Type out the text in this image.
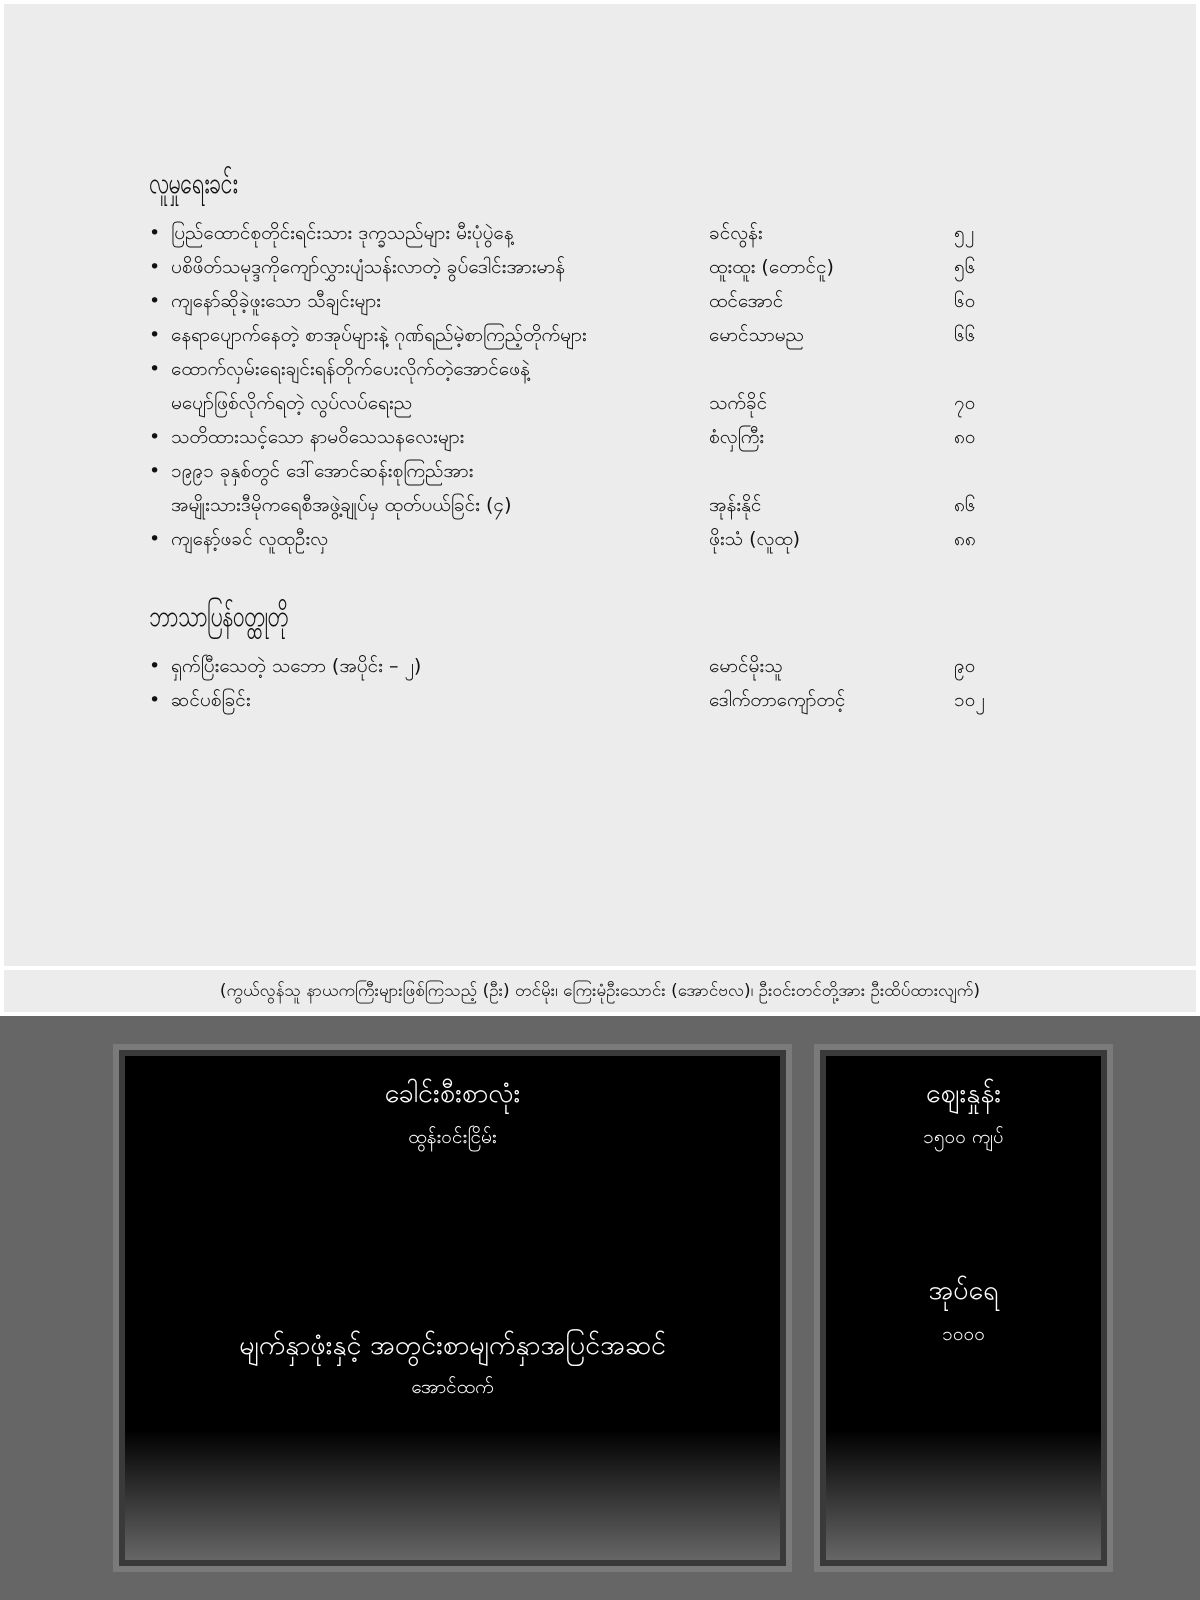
လူမှုရေးခင်း
• ပြည်ထောင်စုတိုင်းရင်းသား ဒုက္ခသည်များ မီးပုံပွဲနေ့	ခင်လွန်း	၅၂
• ပစိဖိတ်သမုဒ္ဒကိုကျော်လွှားပျံသန်းလာတဲ့ ခွပ်ဒေါင်းအားမာန်	ထူးထူး (တောင်ငူ)	၅၆
• ကျနော်ဆိုခဲ့ဖူးသော သီချင်းများ	ထင်အောင်	၆၀
• နေရာပျောက်နေတဲ့ စာအုပ်များနဲ့ ဂုဏ်ရည်မဲ့စာကြည့်တိုက်များ	မောင်သာမည	၆၆
• ထောက်လှမ်းရေးချင်းရန်တိုက်ပေးလိုက်တဲ့အောင်ဖေနဲ့
မပျော်ဖြစ်လိုက်ရတဲ့ လွပ်လပ်ရေးည	သက်ခိုင်	၇၀
• သတိထားသင့်သော နာမဝိသေသနလေးများ	စံလှကြီး	၈၀
• ၁၉၉၁ ခုနှစ်တွင် ဒေါ်အောင်ဆန်းစုကြည်အား
အမျိုးသားဒီမိုကရေစီအဖွဲ့ချုပ်မှ ထုတ်ပယ်ခြင်း (၄)	အုန်းနိုင်	၈၆
• ကျနော့်ဖခင် လူထုဦးလှ	ဖိုးသံ (လူထု)	၈၈
ဘာသာပြန်ဝတ္ထုတို
• ရှက်ပြီးသေတဲ့ သဘော (အပိုင်း – ၂)	မောင်မိုးသူ	၉၀
• ဆင်ပစ်ခြင်း	ဒေါက်တာကျော်တင့်	၁၀၂
(ကွယ်လွန်သူ နာယကကြီးများဖြစ်ကြသည့် (ဦး) တင်မိုး၊ ကြေးမုံဦးသောင်း (အောင်ဗလ)၊ ဦးဝင်းတင်တို့အား ဦးထိပ်ထားလျက်)
ခေါင်းစီးစာလုံး
ထွန်းဝင်းငြိမ်း
မျက်နှာဖုံးနှင့် အတွင်းစာမျက်နှာအပြင်အဆင်
အောင်ထက်
ဈေးနှုန်း
၁၅၀၀ ကျပ်
အုပ်ရေ
၁၀၀၀
